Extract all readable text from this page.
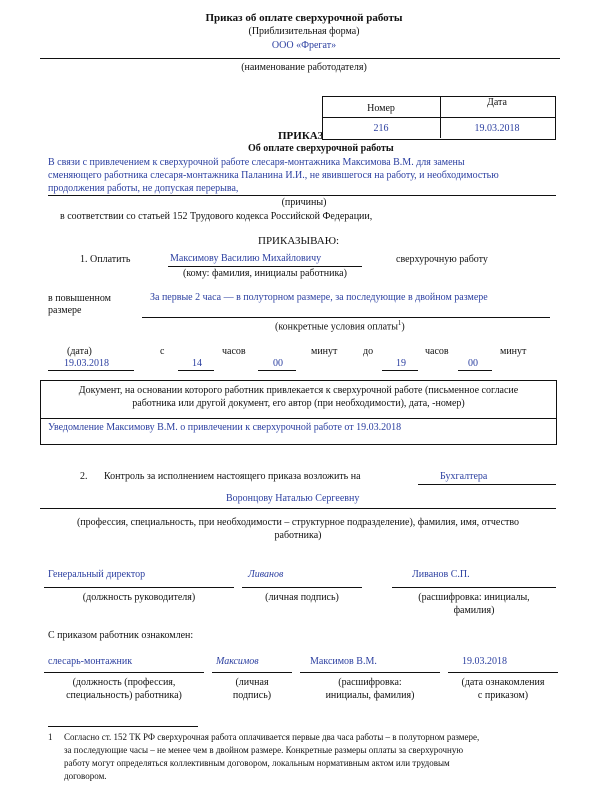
Приказ об оплате сверхурочной работы
(Приблизительная форма)
ООО «Фрегат»
(наименование работодателя)
Номер
Дата
216	19.03.2018
ПРИКАЗ
Об оплате сверхурочной работы
В связи с привлечением к сверхурочной работе слесаря-монтажника Максимова В.М. для замены
сменяющего работника слесаря-монтажника Паланина И.И., не явившегося на работу, и необходимостью
продолжения работы, не допуская перерыва,
(причины)
в соответствии со статьей 152 Трудового кодекса Российской Федерации,
ПРИКАЗЫВАЮ:
1. Оплатить	Максимову Василию Михайловичу	сверхурочную работу
(кому: фамилия, инициалы работника)
в повышенном
размере
За первые 2 часа — в полуторном размере, за последующие в двойном размере
(конкретные условия оплаты$^1$)
(дата)
19.03.2018
с
14
часов
00
минут	до
19
часов
00
минут
Документ, на основании которого работник привлекается к сверхурочной работе (письменное согласие
работника или другой документ, его автор (при необходимости), дата, -номер)
Уведомление Максимову В.М. о привлечении к сверхурочной работе от 19.03.2018
2. Контроль за исполнением настоящего приказа возложить на	Бухгалтера
Воронцову Наталью Сергеевну
(профессия, специальность, при необходимости – структурное подразделение), фамилия, имя, отчество
работника)
Генеральный директор	Ливанов	Ливанов С.П.
(должность руководителя)	(личная подпись)	(расшифровка: инициалы,
фамилия)
С приказом работник ознакомлен:
слесарь-монтажник	Максимов	Максимов В.М.	19.03.2018
(должность (профессия,
специальность) работника)
(личная
подпись)
(расшифровка:
инициалы, фамилия)
(дата ознакомления
с приказом)
1 Согласно ст. 152 ТК РФ сверхурочная работа оплачивается первые два часа работы – в полуторном размере,
за последующие часы – не менее чем в двойном размере. Конкретные размеры оплаты за сверхурочную
работу могут определяться коллективным договором, локальным нормативным актом или трудовым
договором.
